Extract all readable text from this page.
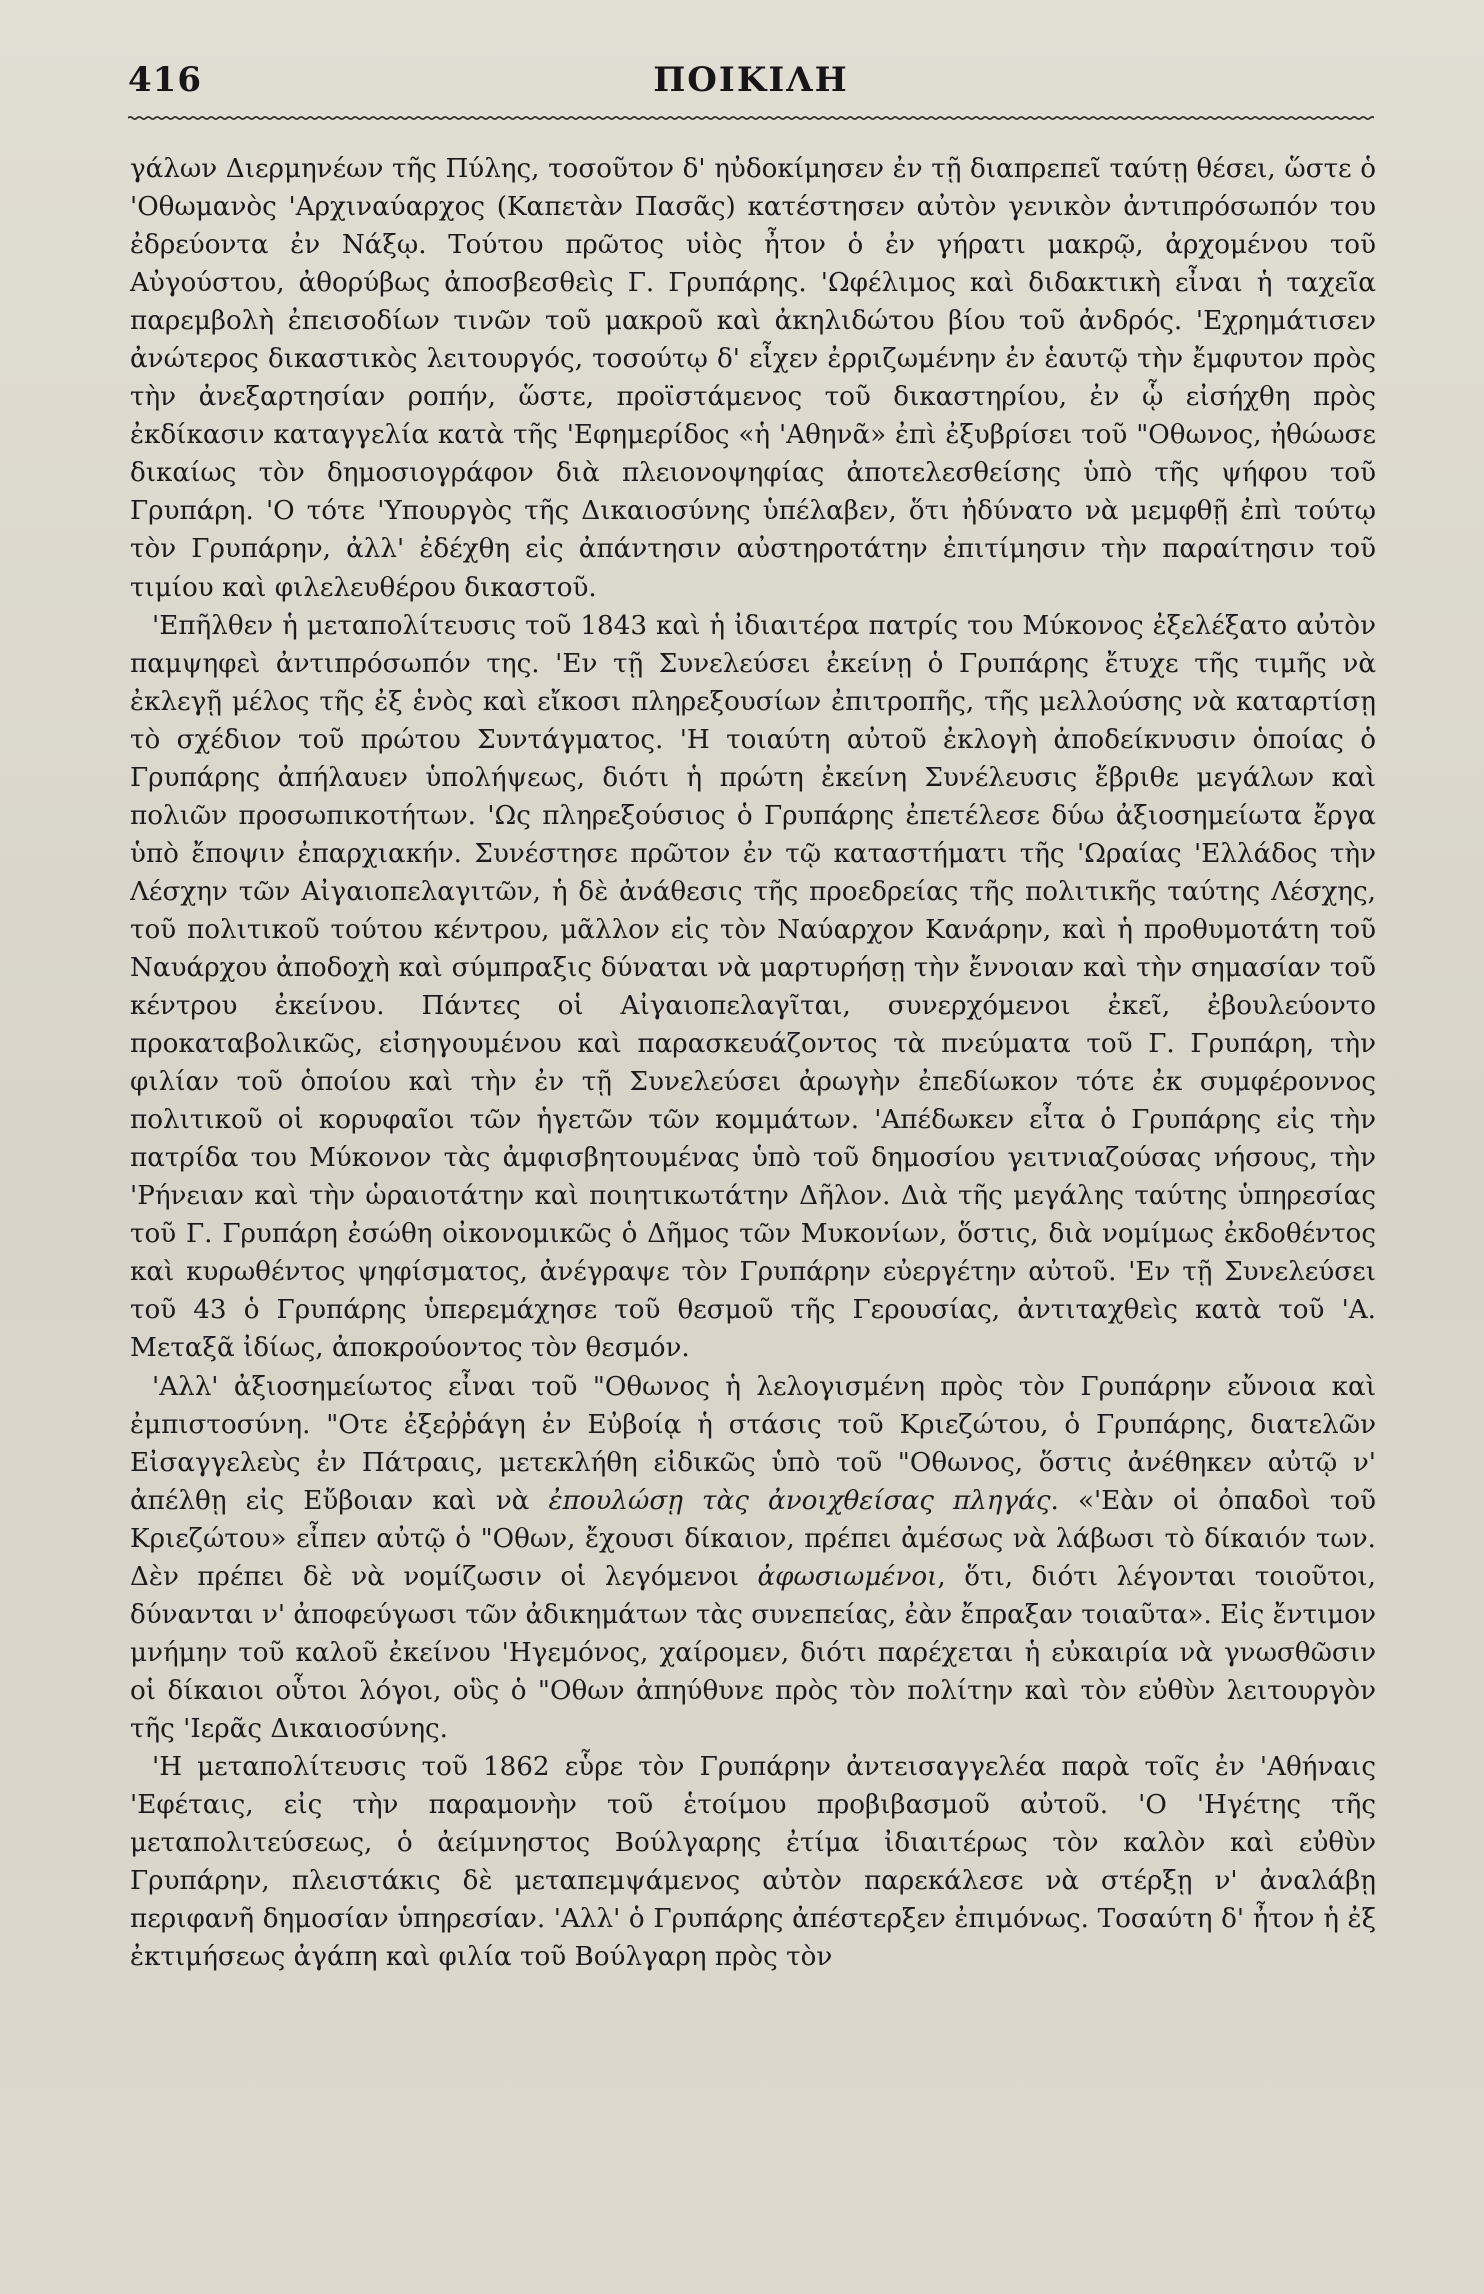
416	ΠΟΙΚΙΛΗ

γάλων Διερμηνέων τῆς Πύλης, τοσοῦτον δ' ηὐδοκίμησεν ἐν τῇ διαπρεπεῖ ταύτῃ θέσει, ὥστε ὁ 'Οθωμανὸς 'Αρχιναύαρχος (Καπετὰν Πασᾶς) κατέστησεν αὐτὸν γενικὸν ἀντιπρόσωπόν του ἐδρεύοντα ἐν Νάξῳ. Τούτου πρῶτος υἱὸς ἦτον ὁ ἐν γήρατι μακρῷ, ἀρχομένου τοῦ Αὐγούστου, ἀθορύβως ἀποσβεσθεὶς Γ. Γρυπάρης. 'Ωφέλιμος καὶ διδακτικὴ εἶναι ἡ ταχεῖα παρεμβολὴ ἐπεισοδίων τινῶν τοῦ μακροῦ καὶ ἀκηλιδώτου βίου τοῦ ἀνδρός. 'Εχρημάτισεν ἀνώτερος δικαστικὸς λειτουργός, τοσούτῳ δ' εἶχεν ἐρριζωμένην ἐν ἑαυτῷ τὴν ἔμφυτον πρὸς τὴν ἀνεξαρτησίαν ροπήν, ὥστε, προϊστάμενος τοῦ δικαστηρίου, ἐν ᾧ εἰσήχθη πρὸς ἐκδίκασιν καταγγελία κατὰ τῆς 'Εφημερίδος «ἡ 'Αθηνᾶ» ἐπὶ ἐξυβρίσει τοῦ "Οθωνος, ἠθώωσε δικαίως τὸν δημοσιογράφον διὰ πλειονοψηφίας ἀποτελεσθείσης ὑπὸ τῆς ψήφου τοῦ Γρυπάρη. 'Ο τότε 'Υπουργὸς τῆς Δικαιοσύνης ὑπέλαβεν, ὅτι ἠδύνατο νὰ μεμφθῇ ἐπὶ τούτῳ τὸν Γρυπάρην, ἀλλ' ἐδέχθη εἰς ἀπάντησιν αὐστηροτάτην ἐπιτίμησιν τὴν παραίτησιν τοῦ τιμίου καὶ φιλελευθέρου δικαστοῦ.

'Επῆλθεν ἡ μεταπολίτευσις τοῦ 1843 καὶ ἡ ἰδιαιτέρα πατρίς του Μύκονος ἐξελέξατο αὐτὸν παμψηφεὶ ἀντιπρόσωπόν της. 'Εν τῇ Συνελεύσει ἐκείνῃ ὁ Γρυπάρης ἔτυχε τῆς τιμῆς νὰ ἐκλεγῇ μέλος τῆς ἐξ ἑνὸς καὶ εἴκοσι πληρεξουσίων ἐπιτροπῆς, τῆς μελλούσης νὰ καταρτίσῃ τὸ σχέδιον τοῦ πρώτου Συντάγματος. 'Η τοιαύτη αὐτοῦ ἐκλογὴ ἀποδείκνυσιν ὁποίας ὁ Γρυπάρης ἀπήλαυεν ὑπολήψεως, διότι ἡ πρώτη ἐκείνη Συνέλευσις ἔβριθε μεγάλων καὶ πολιῶν προσωπικοτήτων. 'Ως πληρεξούσιος ὁ Γρυπάρης ἐπετέλεσε δύω ἀξιοσημείωτα ἔργα ὑπὸ ἔποψιν ἐπαρχιακήν. Συνέστησε πρῶτον ἐν τῷ καταστήματι τῆς 'Ωραίας 'Ελλάδος τὴν Λέσχην τῶν Αἰγαιοπελαγιτῶν, ἡ δὲ ἀνάθεσις τῆς προεδρείας τῆς πολιτικῆς ταύτης Λέσχης, τοῦ πολιτικοῦ τούτου κέντρου, μᾶλλον εἰς τὸν Ναύαρχον Κανάρην, καὶ ἡ προθυμοτάτη τοῦ Ναυάρχου ἀποδοχὴ καὶ σύμπραξις δύναται νὰ μαρτυρήσῃ τὴν ἔννοιαν καὶ τὴν σημασίαν τοῦ κέντρου ἐκείνου. Πάντες οἱ Αἰγαιοπελαγῖται, συνερχόμενοι ἐκεῖ, ἐβουλεύοντο προκαταβολικῶς, εἰσηγουμένου καὶ παρασκευάζοντος τὰ πνεύματα τοῦ Γ. Γρυπάρη, τὴν φιλίαν τοῦ ὁποίου καὶ τὴν ἐν τῇ Συνελεύσει ἀρωγὴν ἐπεδίωκον τότε ἐκ συμφέροννος πολιτικοῦ οἱ κορυφαῖοι τῶν ἡγετῶν τῶν κομμάτων. 'Απέδωκεν εἶτα ὁ Γρυπάρης εἰς τὴν πατρίδα του Μύκονον τὰς ἀμφισβητουμένας ὑπὸ τοῦ δημοσίου γειτνιαζούσας νήσους, τὴν 'Ρήνειαν καὶ τὴν ὡραιοτάτην καὶ ποιητικωτάτην Δῆλον. Διὰ τῆς μεγάλης ταύτης ὑπηρεσίας τοῦ Γ. Γρυπάρη ἐσώθη οἰκονομικῶς ὁ Δῆμος τῶν Μυκονίων, ὅστις, διὰ νομίμως ἐκδοθέντος καὶ κυρωθέντος ψηφίσματος, ἀνέγραψε τὸν Γρυπάρην εὐεργέτην αὐτοῦ. 'Εν τῇ Συνελεύσει τοῦ 43 ὁ Γρυπάρης ὑπερεμάχησε τοῦ θεσμοῦ τῆς Γερουσίας, ἀντιταχθεὶς κατὰ τοῦ 'Α. Μεταξᾶ ἰδίως, ἀποκρούοντος τὸν θεσμόν.

'Αλλ' ἀξιοσημείωτος εἶναι τοῦ "Οθωνος ἡ λελογισμένη πρὸς τὸν Γρυπάρην εὔνοια καὶ ἐμπιστοσύνη. "Οτε ἐξεῤῥάγη ἐν Εὐβοίᾳ ἡ στάσις τοῦ Κριεζώτου, ὁ Γρυπάρης, διατελῶν Εἰσαγγελεὺς ἐν Πάτραις, μετεκλήθη εἰδικῶς ὑπὸ τοῦ "Οθωνος, ὅστις ἀνέθηκεν αὐτῷ ν' ἀπέλθῃ εἰς Εὔβοιαν καὶ νὰ ἐπουλώσῃ τὰς ἀνοιχθείσας πληγάς. «'Εὰν οἱ ὀπαδοὶ τοῦ Κριεζώτου» εἶπεν αὐτῷ ὁ "Οθων, ἔχουσι δίκαιον, πρέπει ἀμέσως νὰ λάβωσι τὸ δίκαιόν των. Δὲν πρέπει δὲ νὰ νομίζωσιν οἱ λεγόμενοι ἀφωσιωμένοι, ὅτι, διότι λέγονται τοιοῦτοι, δύνανται ν' ἀποφεύγωσι τῶν ἀδικημάτων τὰς συνεπείας, ἐὰν ἔπραξαν τοιαῦτα». Εἰς ἔντιμον μνήμην τοῦ καλοῦ ἐκείνου 'Ηγεμόνος, χαίρομεν, διότι παρέχεται ἡ εὐκαιρία νὰ γνωσθῶσιν οἱ δίκαιοι οὗτοι λόγοι, οὓς ὁ "Οθων ἀπηύθυνε πρὸς τὸν πολίτην καὶ τὸν εὐθὺν λειτουργὸν τῆς 'Ιερᾶς Δικαιοσύνης.

'Η μεταπολίτευσις τοῦ 1862 εὗρε τὸν Γρυπάρην ἀντεισαγγελέα παρὰ τοῖς ἐν 'Αθήναις 'Εφέταις, εἰς τὴν παραμονὴν τοῦ ἑτοίμου προβιβασμοῦ αὐτοῦ. 'Ο 'Ηγέτης τῆς μεταπολιτεύσεως, ὁ ἀείμνηστος Βούλγαρης ἐτίμα ἰδιαιτέρως τὸν καλὸν καὶ εὐθὺν Γρυπάρην, πλειστάκις δὲ μεταπεμψάμενος αὐτὸν παρεκάλεσε νὰ στέρξῃ ν' ἀναλάβῃ περιφανῆ δημοσίαν ὑπηρεσίαν. 'Αλλ' ὁ Γρυπάρης ἀπέστερξεν ἐπιμόνως. Τοσαύτη δ' ἦτον ἡ ἐξ ἐκτιμήσεως ἀγάπη καὶ φιλία τοῦ Βούλγαρη πρὸς τὸν
